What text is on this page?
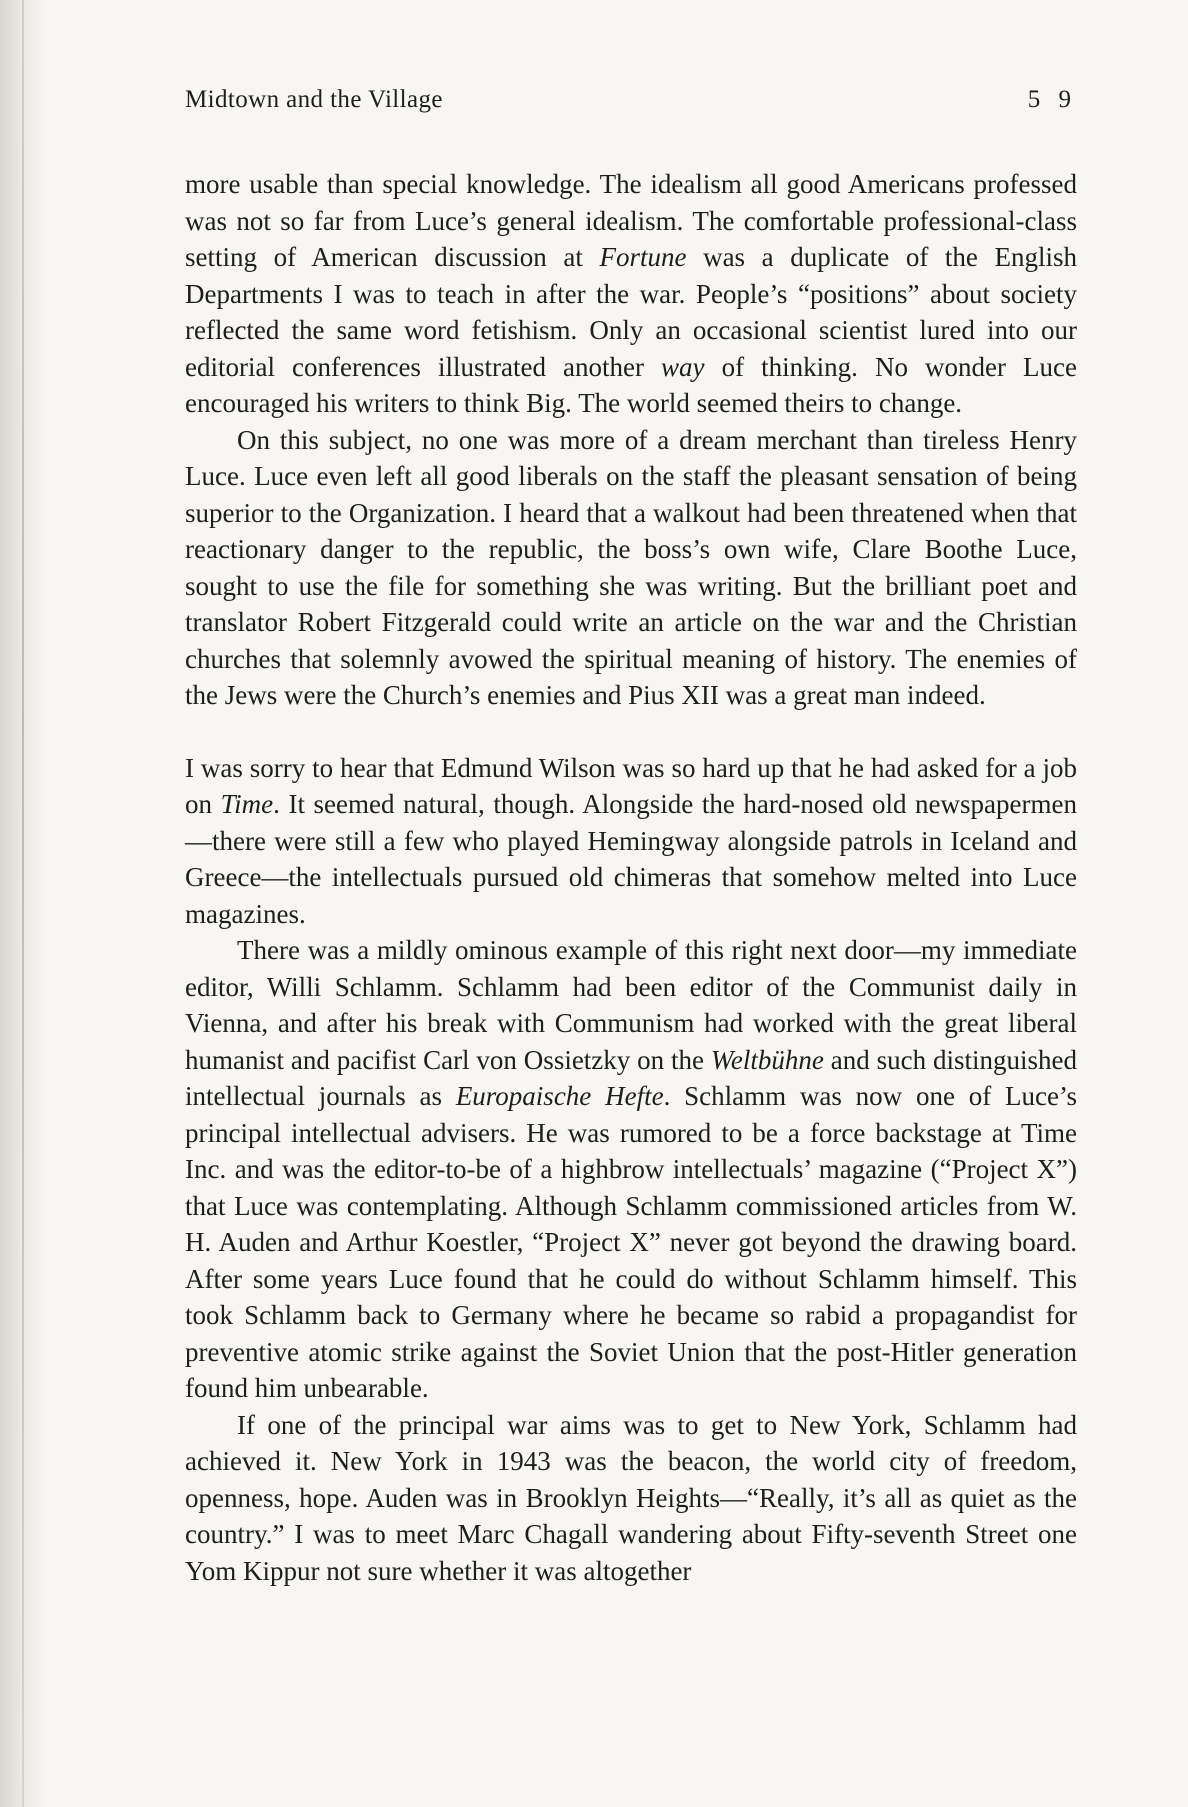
Midtown and the Village	5 9

more usable than special knowledge. The idealism all good Americans professed was not so far from Luce’s general idealism. The comfortable professional-class setting of American discussion at Fortune was a duplicate of the English Departments I was to teach in after the war. People’s “positions” about society reflected the same word fetishism. Only an occasional scientist lured into our editorial conferences illustrated another way of thinking. No wonder Luce encouraged his writers to think Big. The world seemed theirs to change.

On this subject, no one was more of a dream merchant than tireless Henry Luce. Luce even left all good liberals on the staff the pleasant sensation of being superior to the Organization. I heard that a walkout had been threatened when that reactionary danger to the republic, the boss’s own wife, Clare Boothe Luce, sought to use the file for something she was writing. But the brilliant poet and translator Robert Fitzgerald could write an article on the war and the Christian churches that solemnly avowed the spiritual meaning of history. The enemies of the Jews were the Church’s enemies and Pius XII was a great man indeed.

I was sorry to hear that Edmund Wilson was so hard up that he had asked for a job on Time. It seemed natural, though. Alongside the hard-nosed old newspapermen—there were still a few who played Hemingway alongside patrols in Iceland and Greece—the intellectuals pursued old chimeras that somehow melted into Luce magazines.

There was a mildly ominous example of this right next door—my immediate editor, Willi Schlamm. Schlamm had been editor of the Communist daily in Vienna, and after his break with Communism had worked with the great liberal humanist and pacifist Carl von Ossietzky on the Weltbühne and such distinguished intellectual journals as Europaische Hefte. Schlamm was now one of Luce’s principal intellectual advisers. He was rumored to be a force backstage at Time Inc. and was the editor-to-be of a highbrow intellectuals’ magazine (“Project X”) that Luce was contemplating. Although Schlamm commissioned articles from W. H. Auden and Arthur Koestler, “Project X” never got beyond the drawing board. After some years Luce found that he could do without Schlamm himself. This took Schlamm back to Germany where he became so rabid a propagandist for preventive atomic strike against the Soviet Union that the post-Hitler generation found him unbearable.

If one of the principal war aims was to get to New York, Schlamm had achieved it. New York in 1943 was the beacon, the world city of freedom, openness, hope. Auden was in Brooklyn Heights—“Really, it’s all as quiet as the country.” I was to meet Marc Chagall wandering about Fifty-seventh Street one Yom Kippur not sure whether it was altogether
